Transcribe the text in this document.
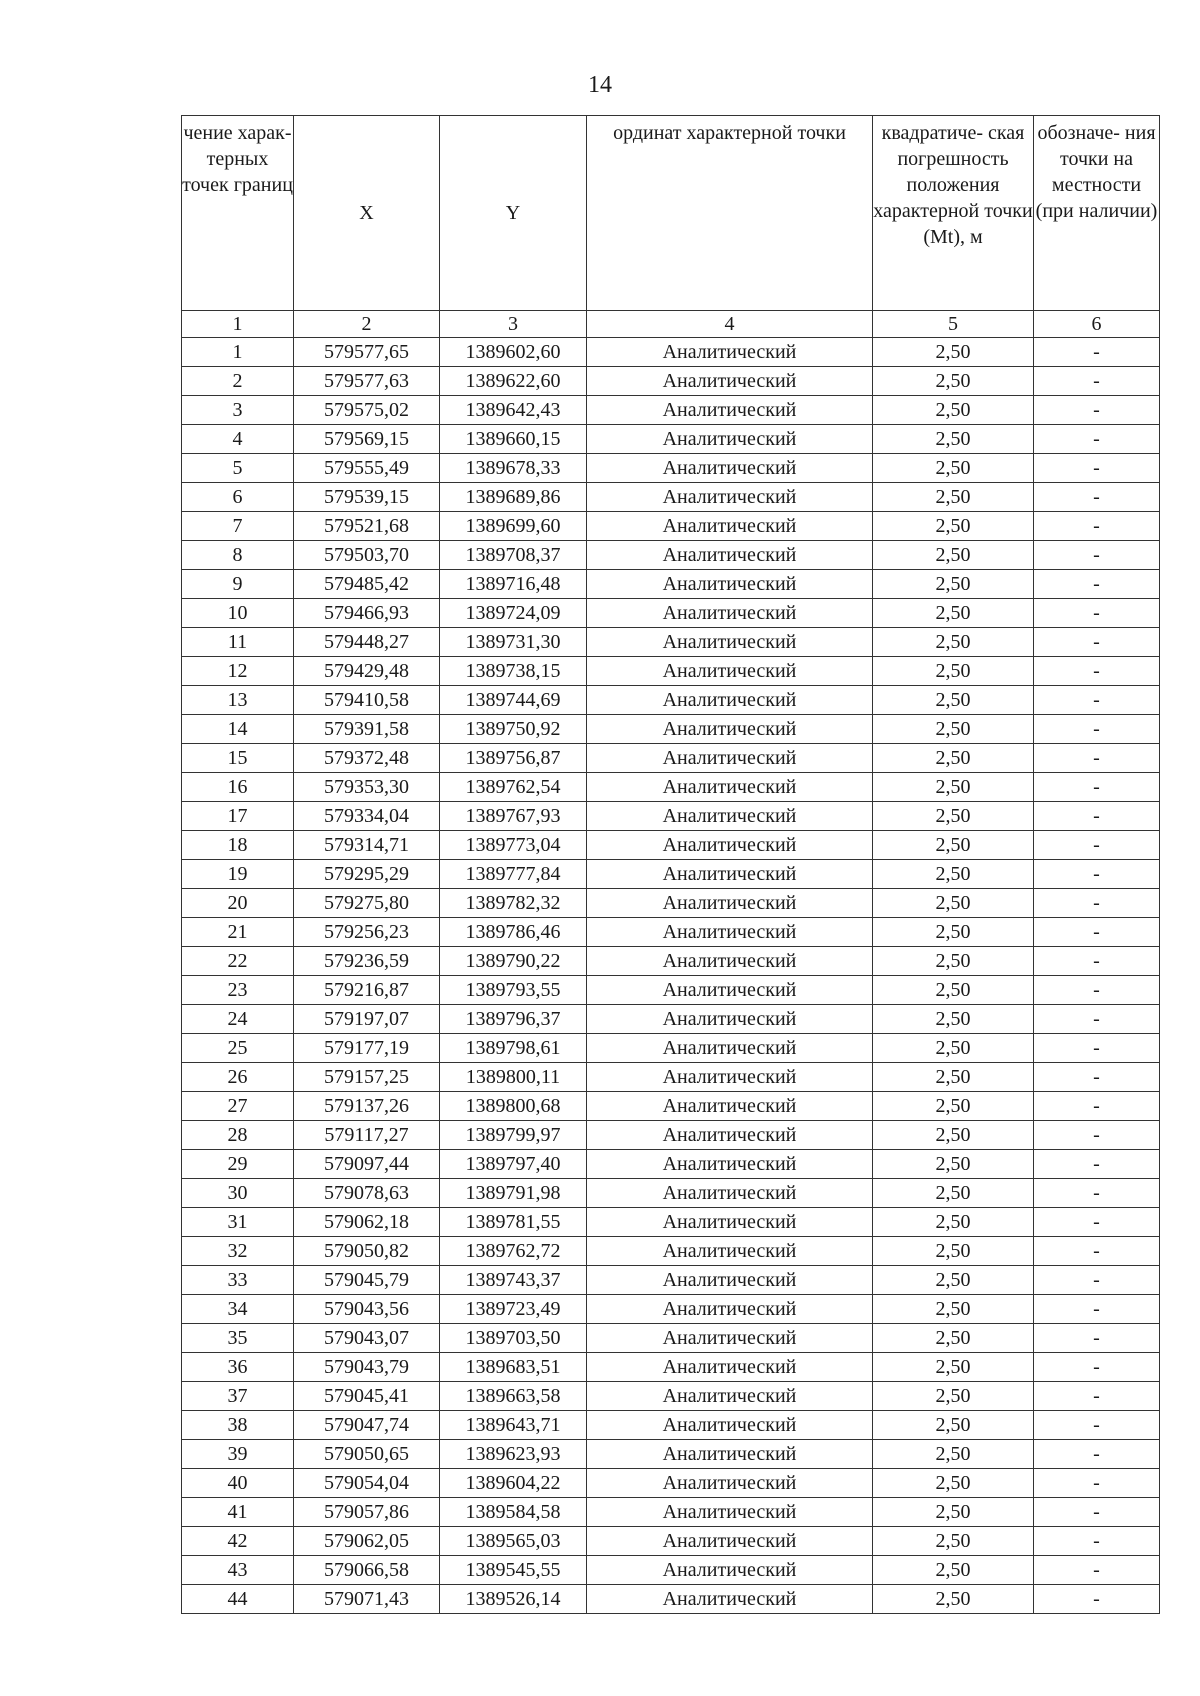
14
чение харак- терных точек границ	X	Y	ординат характерной точки	квадратиче- ская погрешность положения характерной точки (Mt), м	обозначе- ния точки на местности (при наличии)
1	2	3	4	5	6
1	579577,65	1389602,60	Аналитический	2,50	-
2	579577,63	1389622,60	Аналитический	2,50	-
3	579575,02	1389642,43	Аналитический	2,50	-
4	579569,15	1389660,15	Аналитический	2,50	-
5	579555,49	1389678,33	Аналитический	2,50	-
6	579539,15	1389689,86	Аналитический	2,50	-
7	579521,68	1389699,60	Аналитический	2,50	-
8	579503,70	1389708,37	Аналитический	2,50	-
9	579485,42	1389716,48	Аналитический	2,50	-
10	579466,93	1389724,09	Аналитический	2,50	-
11	579448,27	1389731,30	Аналитический	2,50	-
12	579429,48	1389738,15	Аналитический	2,50	-
13	579410,58	1389744,69	Аналитический	2,50	-
14	579391,58	1389750,92	Аналитический	2,50	-
15	579372,48	1389756,87	Аналитический	2,50	-
16	579353,30	1389762,54	Аналитический	2,50	-
17	579334,04	1389767,93	Аналитический	2,50	-
18	579314,71	1389773,04	Аналитический	2,50	-
19	579295,29	1389777,84	Аналитический	2,50	-
20	579275,80	1389782,32	Аналитический	2,50	-
21	579256,23	1389786,46	Аналитический	2,50	-
22	579236,59	1389790,22	Аналитический	2,50	-
23	579216,87	1389793,55	Аналитический	2,50	-
24	579197,07	1389796,37	Аналитический	2,50	-
25	579177,19	1389798,61	Аналитический	2,50	-
26	579157,25	1389800,11	Аналитический	2,50	-
27	579137,26	1389800,68	Аналитический	2,50	-
28	579117,27	1389799,97	Аналитический	2,50	-
29	579097,44	1389797,40	Аналитический	2,50	-
30	579078,63	1389791,98	Аналитический	2,50	-
31	579062,18	1389781,55	Аналитический	2,50	-
32	579050,82	1389762,72	Аналитический	2,50	-
33	579045,79	1389743,37	Аналитический	2,50	-
34	579043,56	1389723,49	Аналитический	2,50	-
35	579043,07	1389703,50	Аналитический	2,50	-
36	579043,79	1389683,51	Аналитический	2,50	-
37	579045,41	1389663,58	Аналитический	2,50	-
38	579047,74	1389643,71	Аналитический	2,50	-
39	579050,65	1389623,93	Аналитический	2,50	-
40	579054,04	1389604,22	Аналитический	2,50	-
41	579057,86	1389584,58	Аналитический	2,50	-
42	579062,05	1389565,03	Аналитический	2,50	-
43	579066,58	1389545,55	Аналитический	2,50	-
44	579071,43	1389526,14	Аналитический	2,50	-
